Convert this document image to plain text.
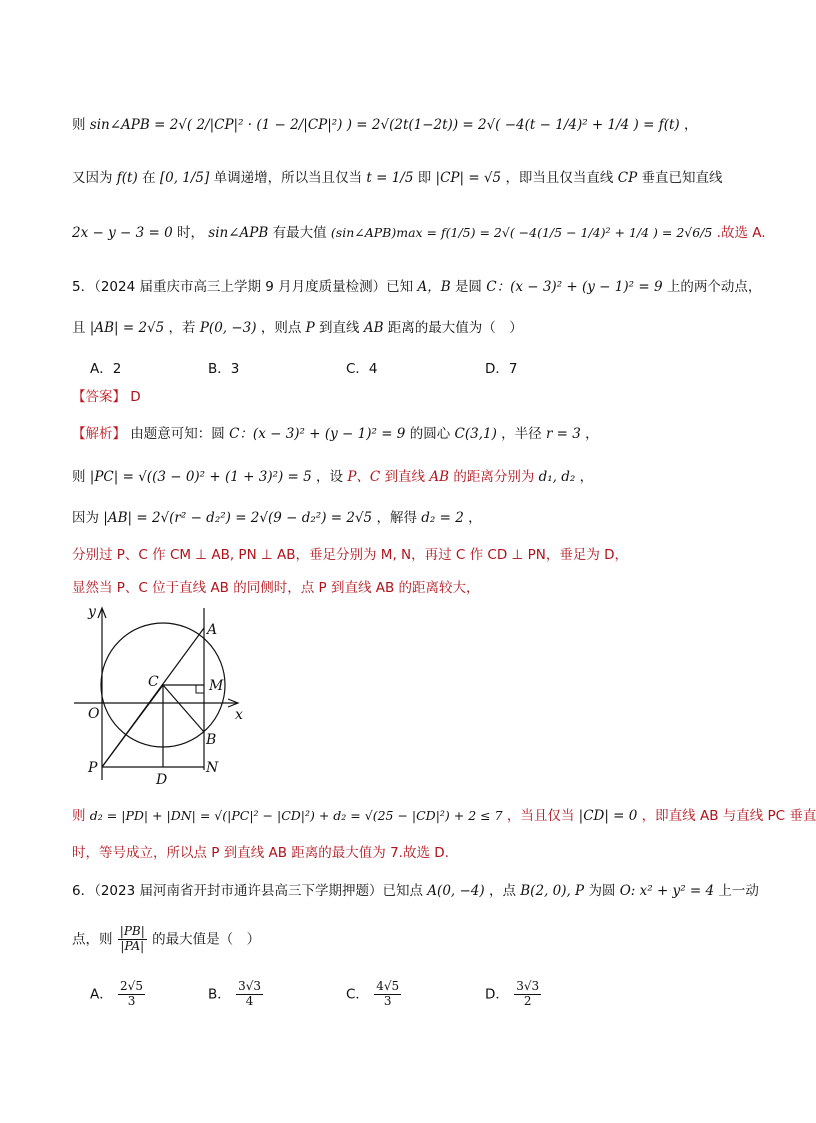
则 sin∠APB = 2√( 2/|CP|² · (1 − 2/|CP|²) ) = 2√(2t(1−2t)) = 2√( −4(t − 1/4)² + 1/4 ) = f(t) ，
又因为 f(t) 在 [0, 1/5] 单调递增，所以当且仅当 t = 1/5 即 |CP| = √5 ，即当且仅当直线 CP 垂直已知直线
2x − y − 3 = 0 时， sin∠APB 有最大值 (sin∠APB)max = f(1/5) = 2√( −4(1/5 − 1/4)² + 1/4 ) = 2√6/5 .故选 A.
5．（2024 届重庆市高三上学期 9 月月度质量检测）已知 A，B 是圆 C：(x − 3)² + (y − 1)² = 9 上的两个动点，
且 |AB| = 2√5 ，若 P(0, −3) ，则点 P 到直线 AB 距离的最大值为（　）
A．2	B．3	C．4	D．7
【答案】 D
【解析】 由题意可知：圆 C：(x − 3)² + (y − 1)² = 9 的圆心 C(3,1) ，半径 r = 3 ，
则 |PC| = √((3 − 0)² + (1 + 3)²) = 5 ，设 P、C 到直线 AB 的距离分别为 d₁, d₂ ，
因为 |AB| = 2√(r² − d₂²) = 2√(9 − d₂²) = 2√5 ，解得 d₂ = 2 ，
分别过 P、C 作 CM ⊥ AB, PN ⊥ AB，垂足分别为 M, N，再过 C 作 CD ⊥ PN，垂足为 D，
显然当 P、C 位于直线 AB 的同侧时，点 P 到直线 AB 的距离较大，
y
x
O
A
C	M
B
P
D
N
则 d₂ = |PD| + |DN| = √(|PC|² − |CD|²) + d₂ = √(25 − |CD|²) + 2 ≤ 7 ，当且仅当 |CD| = 0 ，即直线 AB 与直线 PC 垂直
时，等号成立，所以点 P 到直线 AB 距离的最大值为 7.故选 D.
6．（2023 届河南省开封市通许县高三下学期押题）已知点 A(0, −4) ，点 B(2, 0), P 为圆 O: x² + y² = 4 上一动
点，则 $\frac{|PB|}{|PA|}$ 的最大值是（　）
A． $\frac{2√5}{3}$	B． $\frac{3√3}{4}$	C． $\frac{4√5}{3}$	D． $\frac{3√3}{2}$
